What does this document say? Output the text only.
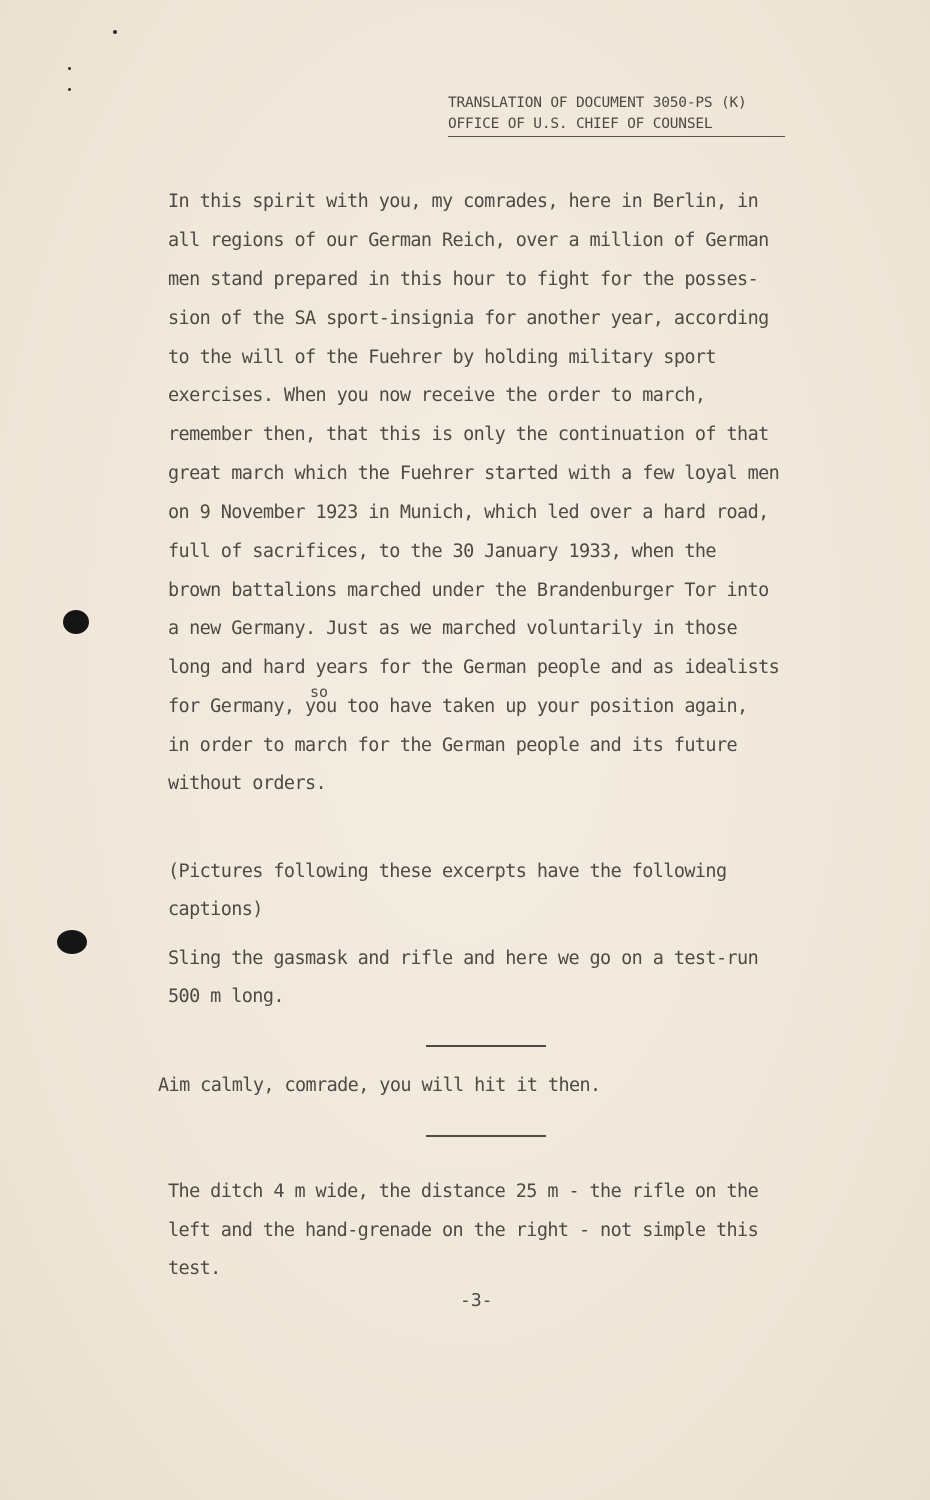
TRANSLATION OF DOCUMENT 3050-PS (K)
OFFICE OF U.S. CHIEF OF COUNSEL
In this spirit with you, my comrades, here in Berlin, in
all regions of our German Reich, over a million of German
men stand prepared in this hour to fight for the posses-
sion of the SA sport-insignia for another year, according
to the will of the Fuehrer by holding military sport
exercises. When you now receive the order to march,
remember then, that this is only the continuation of that
great march which the Fuehrer started with a few loyal men
on 9 November 1923 in Munich, which led over a hard road,
full of sacrifices, to the 30 January 1933, when the
brown battalions marched under the Brandenburger Tor into
a new Germany. Just as we marched voluntarily in those
long and hard years for the German people and as idealists
so
for Germany, you too have taken up your position again,
in order to march for the German people and its future
without orders.
(Pictures following these excerpts have the following
captions)
Sling the gasmask and rifle and here we go on a test-run
500 m long.
Aim calmly, comrade, you will hit it then.
The ditch 4 m wide, the distance 25 m - the rifle on the
left and the hand-grenade on the right - not simple this
test.
-3-
